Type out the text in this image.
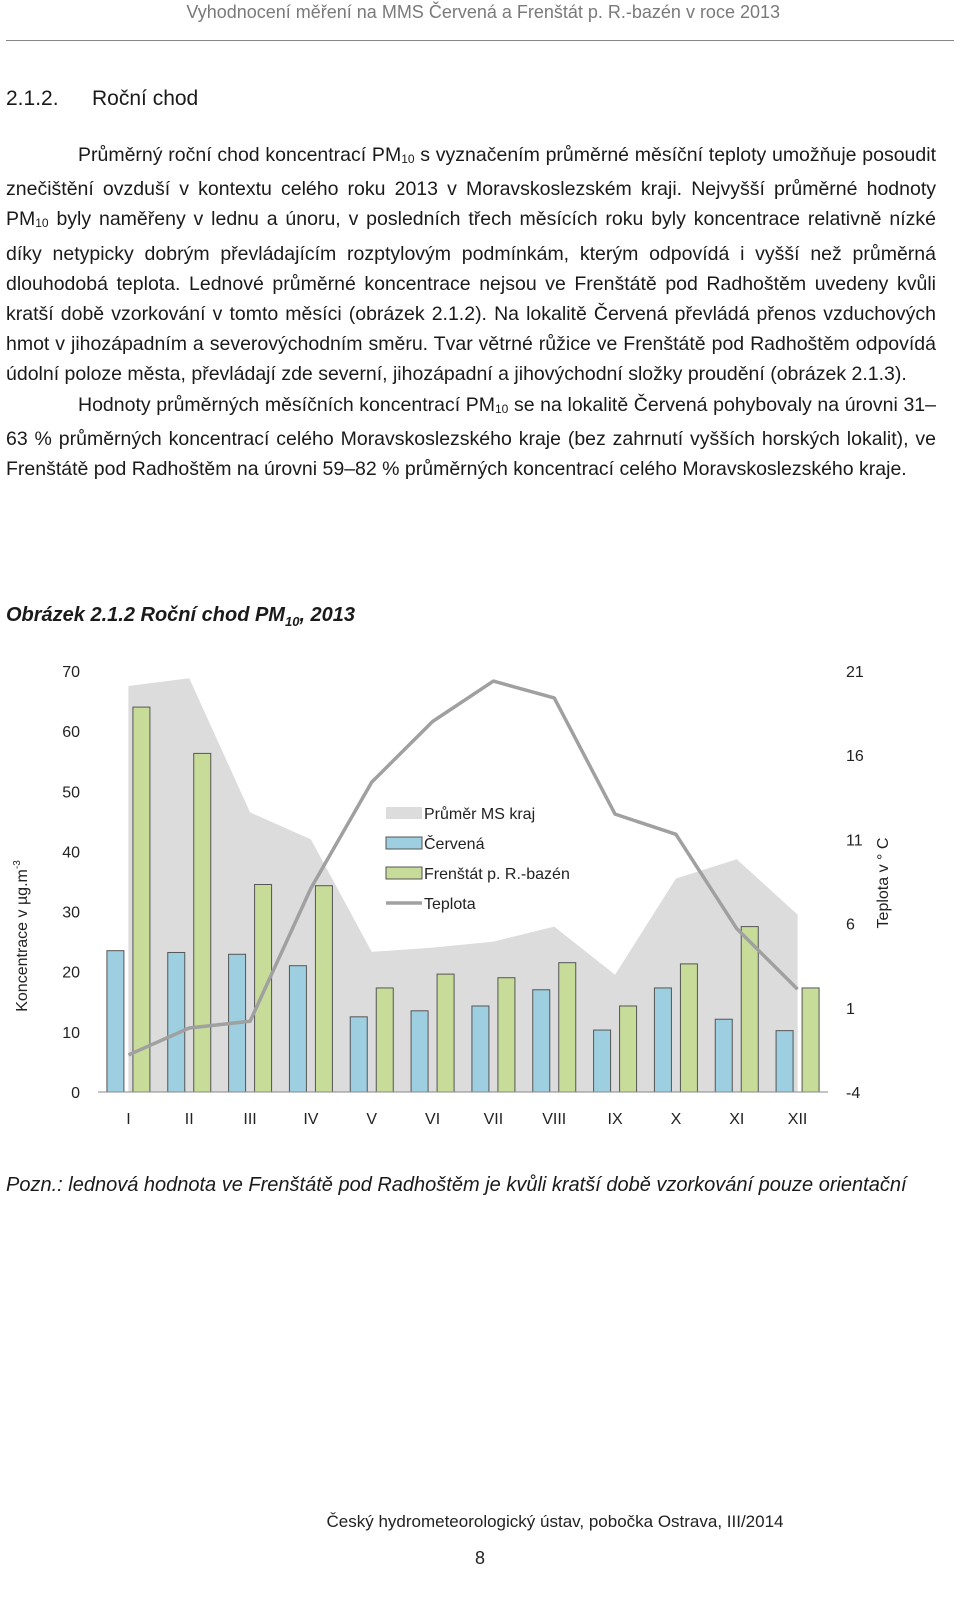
Vyhodnocení měření na MMS Červená a Frenštát p. R.-bazén v roce 2013
2.1.2. Roční chod

Průměrný roční chod koncentrací $PM_{10}$ s vyznačením průměrné měsíční teploty umožňuje posoudit znečištění ovzduší v kontextu celého roku 2013 v Moravskoslezském kraji. Nejvyšší průměrné hodnoty $PM_{10}$ byly naměřeny v lednu a únoru, v posledních třech měsících roku byly koncentrace relativně nízké díky netypicky dobrým převládajícím rozptylovým podmínkám, kterým odpovídá i vyšší než průměrná dlouhodobá teplota. Lednové průměrné koncentrace nejsou ve Frenštátě pod Radhoštěm uvedeny kvůli kratší době vzorkování v tomto měsíci (obrázek 2.1.2). Na lokalitě Červená převládá přenos vzduchových hmot v jihozápadním a severovýchodním směru. Tvar větrné růžice ve Frenštátě pod Radhoštěm odpovídá údolní poloze města, převládají zde severní, jihozápadní a jihovýchodní složky proudění (obrázek 2.1.3).

Hodnoty průměrných měsíčních koncentrací $PM_{10}$ se na lokalitě Červená pohybovaly na úrovni 31–63 % průměrných koncentrací celého Moravskoslezského kraje (bez zahrnutí vyšších horských lokalit), ve Frenštátě pod Radhoštěm na úrovni 59–82 % průměrných koncentrací celého Moravskoslezského kraje.

Obrázek 2.1.2 Roční chod $PM_{10}$, 2013
0
10
20
30
40
50
60
70
-4
1
6
11
16
21
I	II	III	IV	V	VI	VII VIII	IX	X	XI	XII
Koncentrace v $\mu g.m^{-3}$	Teplota v ° C
Průměr MS kraj
Červená
Frenštát p. R.-bazén
Teplota
Pozn.: lednová hodnota ve Frenštátě pod Radhoštěm je kvůli kratší době vzorkování pouze orientační
Český hydrometeorologický ústav, pobočka Ostrava, III/2014
8
